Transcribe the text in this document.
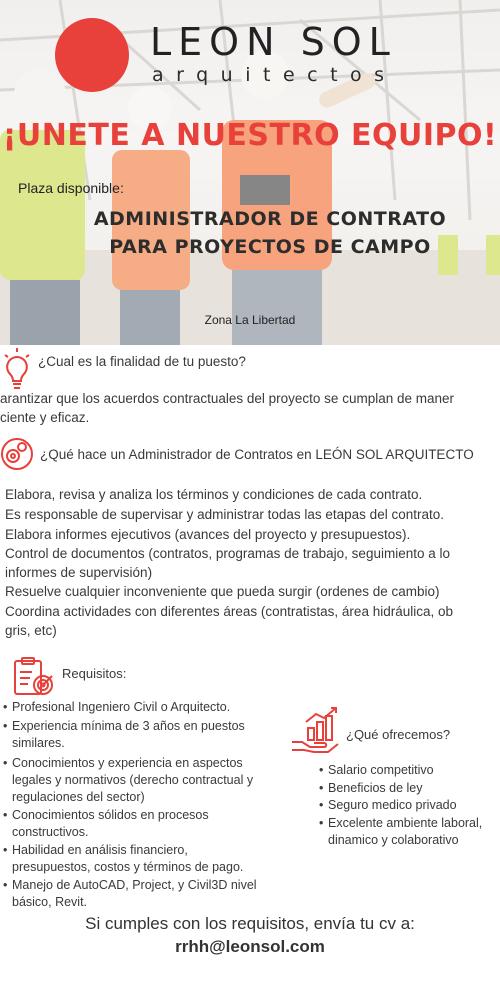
LEON SOL
arquitectos
¡UNETE A NUESTRO EQUIPO!
Plaza disponible:
ADMINISTRADOR DE CONTRATO
PARA PROYECTOS DE CAMPO
Zona La Libertad
¿Cual es la finalidad de tu puesto?
arantizar que los acuerdos contractuales del proyecto se cumplan de maner
ciente y eficaz.
¿Qué hace un Administrador de Contratos en LEÓN SOL ARQUITECTO
Elabora, revisa y analiza los términos y condiciones de cada contrato.
Es responsable de supervisar y administrar todas las etapas del contrato.
Elabora informes ejecutivos (avances del proyecto y presupuestos).
Control de documentos (contratos, programas de trabajo, seguimiento a lo
informes de supervisión)
Resuelve cualquier inconveniente que pueda surgir (ordenes de cambio)
Coordina actividades con diferentes áreas (contratistas, área hidráulica, ob
gris, etc)
Requisitos:
• Profesional Ingeniero Civil o Arquitecto.
• Experiencia mínima de 3 años en puestos
similares.
• Conocimientos y experiencia en aspectos
legales y normativos (derecho contractual y
regulaciones del sector)
• Conocimientos sólidos en procesos
constructivos.
• Habilidad en análisis financiero,
presupuestos, costos y términos de pago.
• Manejo de AutoCAD, Project, y Civil3D nivel
básico, Revit.
¿Qué ofrecemos?
• Salario competitivo
• Beneficios de ley
• Seguro medico privado
• Excelente ambiente laboral,
dinamico y colaborativo
Si cumples con los requisitos, envía tu cv a:
rrhh@leonsol.com
